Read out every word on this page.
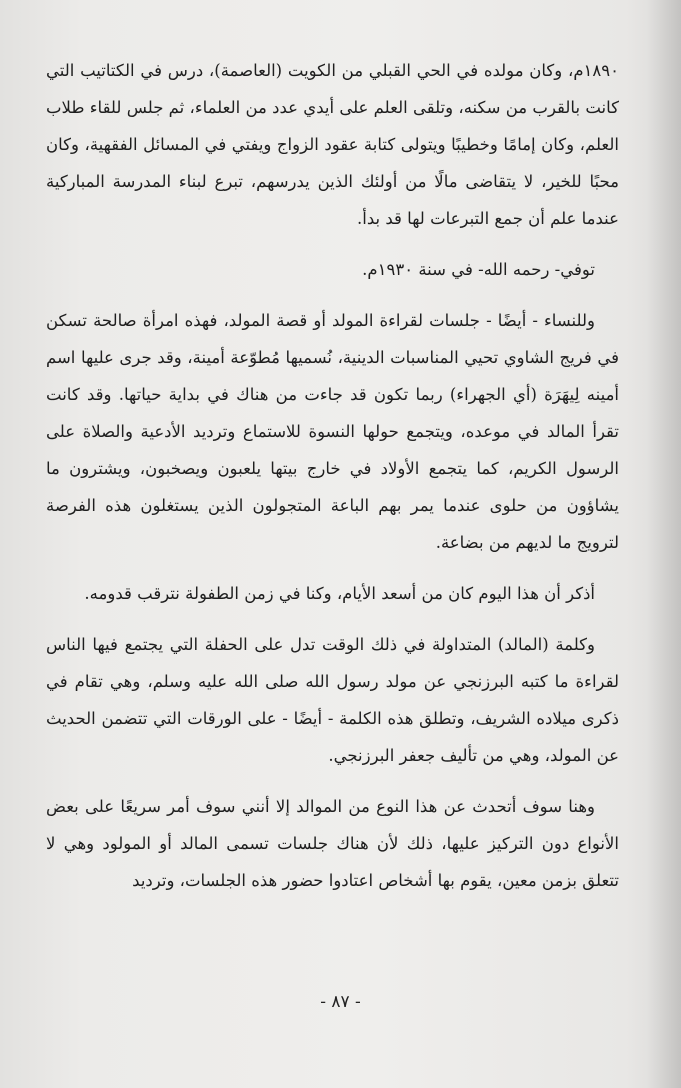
١٨٩٠م، وكان مولده في الحي القبلي من الكويت (العاصمة)، درس في الكتاتيب التي كانت بالقرب من سكنه، وتلقى العلم على أيدي عدد من العلماء، ثم جلس للقاء طلاب العلم، وكان إمامًا وخطيبًا ويتولى كتابة عقود الزواج ويفتي في المسائل الفقهية، وكان محبًا للخير، لا يتقاضى مالًا من أولئك الذين يدرسهم، تبرع لبناء المدرسة المباركية عندما علم أن جمع التبرعات لها قد بدأ.

توفي- رحمه الله- في سنة ١٩٣٠م.

وللنساء - أيضًا - جلسات لقراءة المولد أو قصة المولد، فهذه امرأة صالحة تسكن في فريج الشاوي تحيي المناسبات الدينية، نُسميها مُطوّعة أمينة، وقد جرى عليها اسم أمينه لِيهَرَة (أي الجهراء) ربما تكون قد جاءت من هناك في بداية حياتها. وقد كانت تقرأ المالد في موعده، ويتجمع حولها النسوة للاستماع وترديد الأدعية والصلاة على الرسول الكريم، كما يتجمع الأولاد في خارج بيتها يلعبون ويصخبون، ويشترون ما يشاؤون من حلوى عندما يمر بهم الباعة المتجولون الذين يستغلون هذه الفرصة لترويج ما لديهم من بضاعة.

أذكر أن هذا اليوم كان من أسعد الأيام، وكنا في زمن الطفولة نترقب قدومه.

وكلمة (المالد) المتداولة في ذلك الوقت تدل على الحفلة التي يجتمع فيها الناس لقراءة ما كتبه البرزنجي عن مولد رسول الله صلى الله عليه وسلم، وهي تقام في ذكرى ميلاده الشريف، وتطلق هذه الكلمة - أيضًا - على الورقات التي تتضمن الحديث عن المولد، وهي من تأليف جعفر البرزنجي.

وهنا سوف أتحدث عن هذا النوع من الموالد إلا أنني سوف أمر سريعًا على بعض الأنواع دون التركيز عليها، ذلك لأن هناك جلسات تسمى المالد أو المولود وهي لا تتعلق بزمن معين، يقوم بها أشخاص اعتادوا حضور هذه الجلسات، وترديد

- ٨٧ -
